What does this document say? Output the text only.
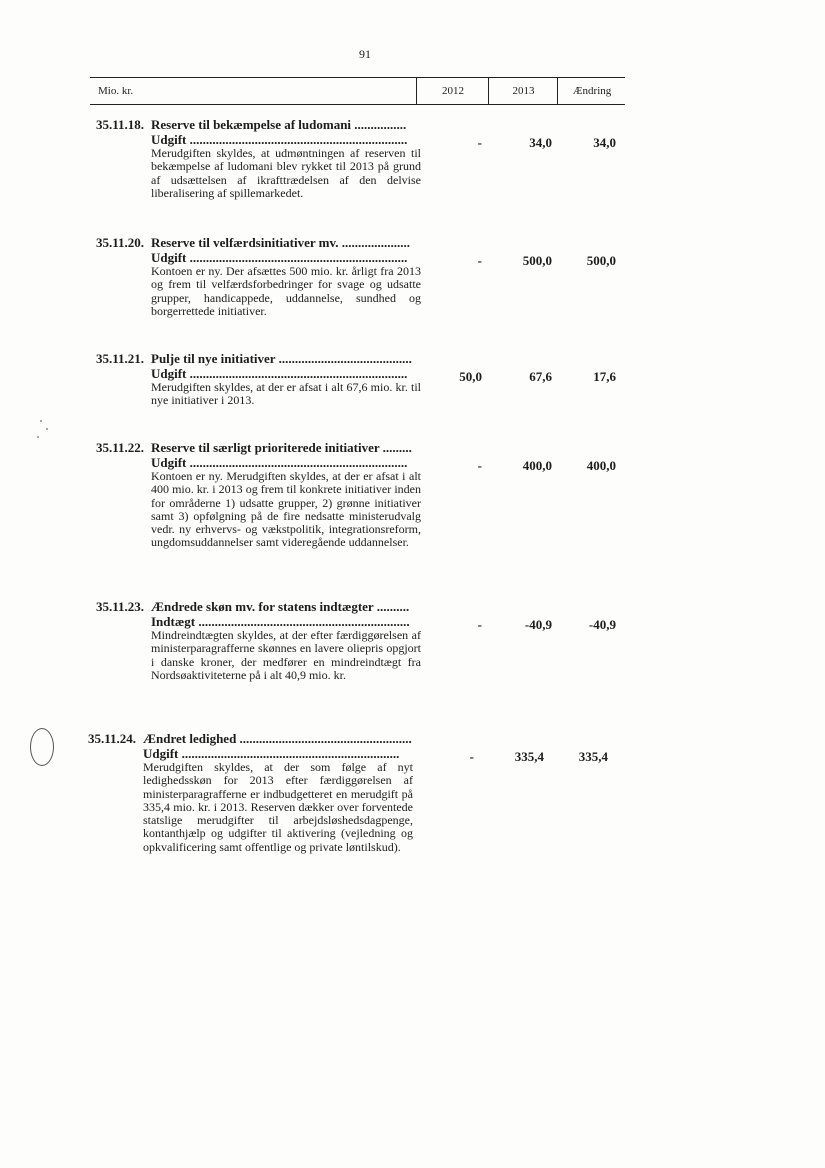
91
Mio. kr.	2012	2013	Ændring
35.11.18. Reserve til bekæmpelse af ludomani ................
Udgift ...................................................................
Merudgiften skyldes, at udmøntningen af reserven til bekæmpelse af ludomani blev rykket til 2013 på grund af udsættelsen af ikrafttrædelsen af den delvise liberalisering af spillemarkedet.
-	34,0	34,0
35.11.20. Reserve til velfærdsinitiativer mv. .....................
Udgift ...................................................................
Kontoen er ny. Der afsættes 500 mio. kr. årligt fra 2013 og frem til velfærdsforbedringer for svage og udsatte grupper, handicappede, uddannelse, sundhed og borgerrettede initiativer.
-	500,0	500,0
35.11.21. Pulje til nye initiativer .........................................
Udgift ...................................................................
Merudgiften skyldes, at der er afsat i alt 67,6 mio. kr. til nye initiativer i 2013.
50,0	67,6	17,6
35.11.22. Reserve til særligt prioriterede initiativer .........
Udgift ...................................................................
Kontoen er ny. Merudgiften skyldes, at der er afsat i alt 400 mio. kr. i 2013 og frem til konkrete initiativer inden for områderne 1) udsatte grupper, 2) grønne initiativer samt 3) opfølgning på de fire nedsatte ministerudvalg vedr. ny erhvervs- og vækstpolitik, integrationsreform, ungdomsuddannelser samt videregående uddannelser.
-	400,0	400,0
35.11.23. Ændrede skøn mv. for statens indtægter ..........
Indtægt .................................................................
Mindreindtægten skyldes, at der efter færdiggørelsen af ministerparagrafferne skønnes en lavere oliepris opgjort i danske kroner, der medfører en mindreindtægt fra Nordsøaktiviteterne på i alt 40,9 mio. kr.
-	-40,9	-40,9
35.11.24. Ændret ledighed .....................................................
Udgift ...................................................................
Merudgiften skyldes, at der som følge af nyt ledighedsskøn for 2013 efter færdiggørelsen af ministerparagrafferne er indbudgetteret en merudgift på 335,4 mio. kr. i 2013. Reserven dækker over forventede statslige merudgifter til arbejdsløshedsdagpenge, kontanthjælp og udgifter til aktivering (vejledning og opkvalificering samt offentlige og private løntilskud).
-	335,4	335,4
